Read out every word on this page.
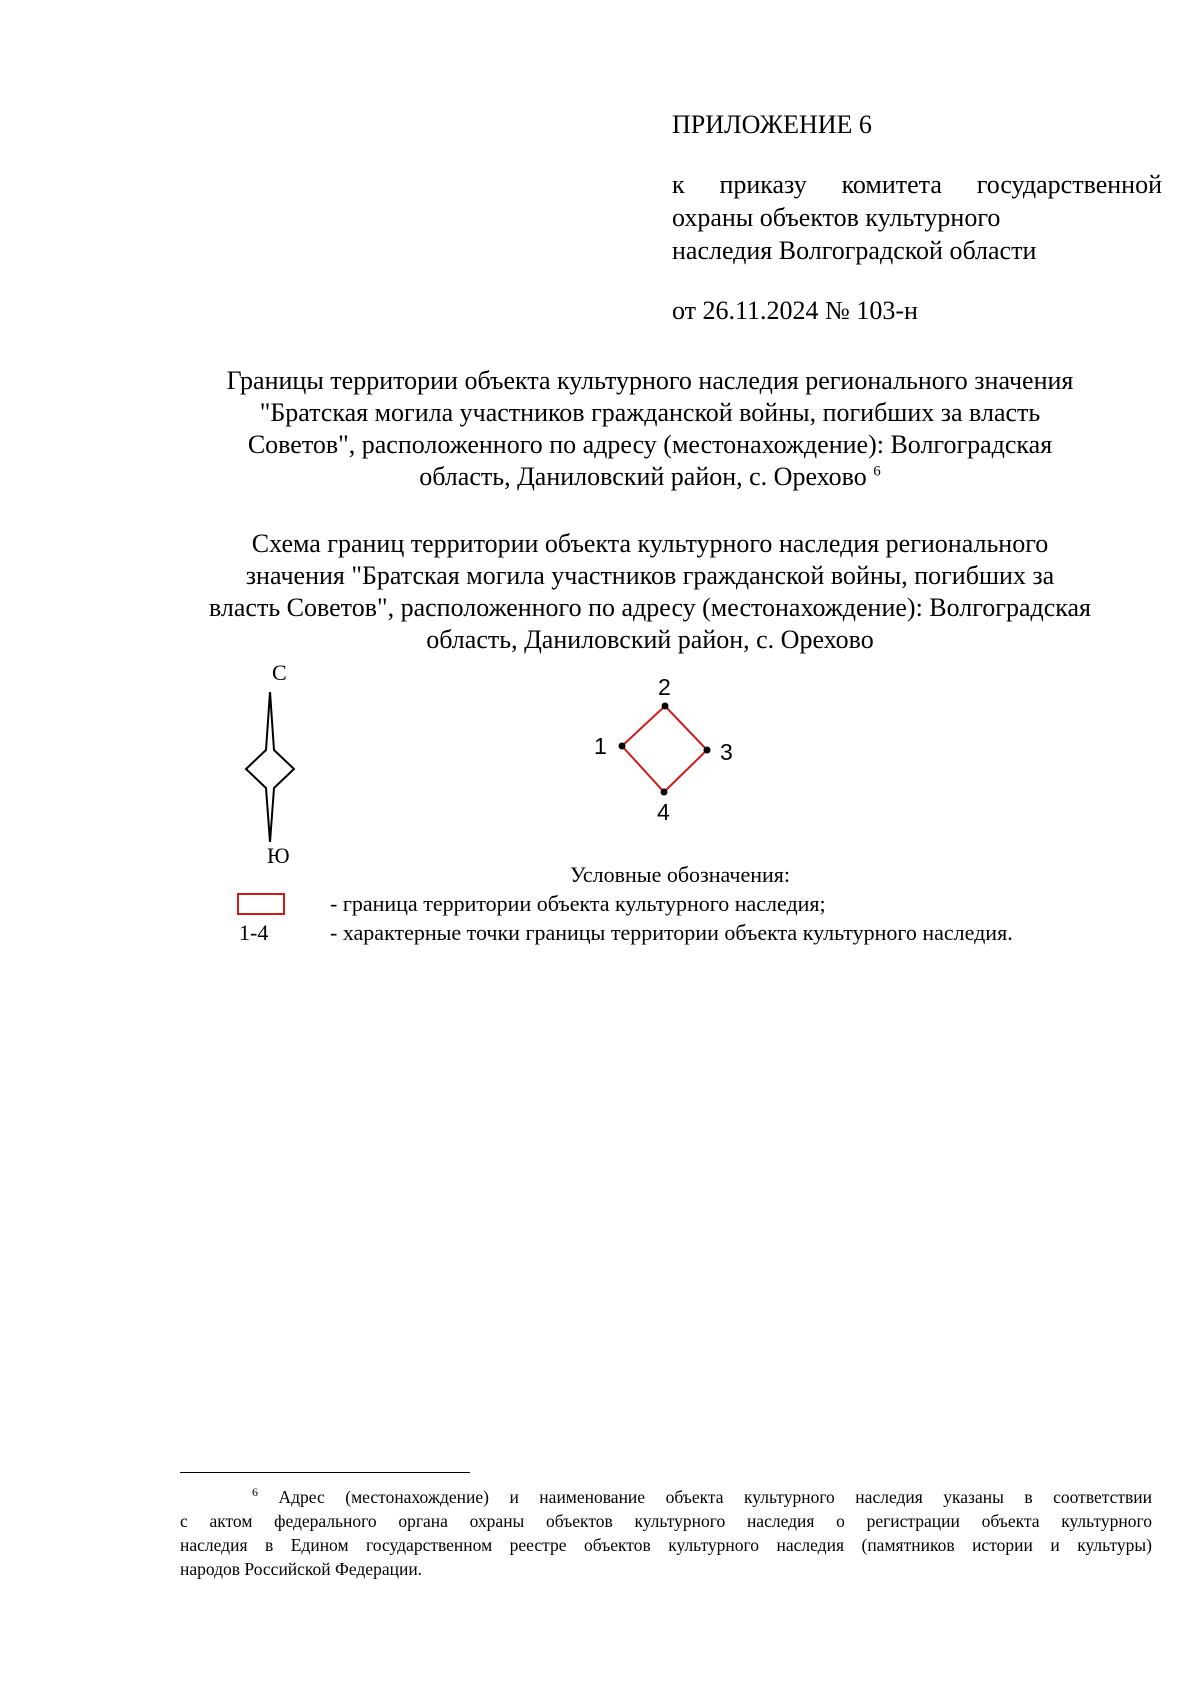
ПРИЛОЖЕНИЕ 6
к приказу комитета государственной
охраны объектов культурного
наследия Волгоградской области
от 26.11.2024 № 103-н
Границы территории объекта культурного наследия регионального значения
"Братская могила участников гражданской войны, погибших за власть
Советов", расположенного по адресу (местонахождение): Волгоградская
область, Даниловский район, с. Орехово $^6$
Схема границ территории объекта культурного наследия регионального
значения "Братская могила участников гражданской войны, погибших за
власть Советов", расположенного по адресу (местонахождение): Волгоградская
область, Даниловский район, с. Орехово
С
Ю
1
2
3
4
Условные обозначения:
- граница территории объекта культурного наследия;
1-4	- характерные точки границы территории объекта культурного наследия.
$^6$ Адрес (местонахождение) и наименование объекта культурного наследия указаны в соответствии
с актом федерального органа охраны объектов культурного наследия о регистрации объекта культурного
наследия в Едином государственном реестре объектов культурного наследия (памятников истории и культуры)
народов Российской Федерации.
